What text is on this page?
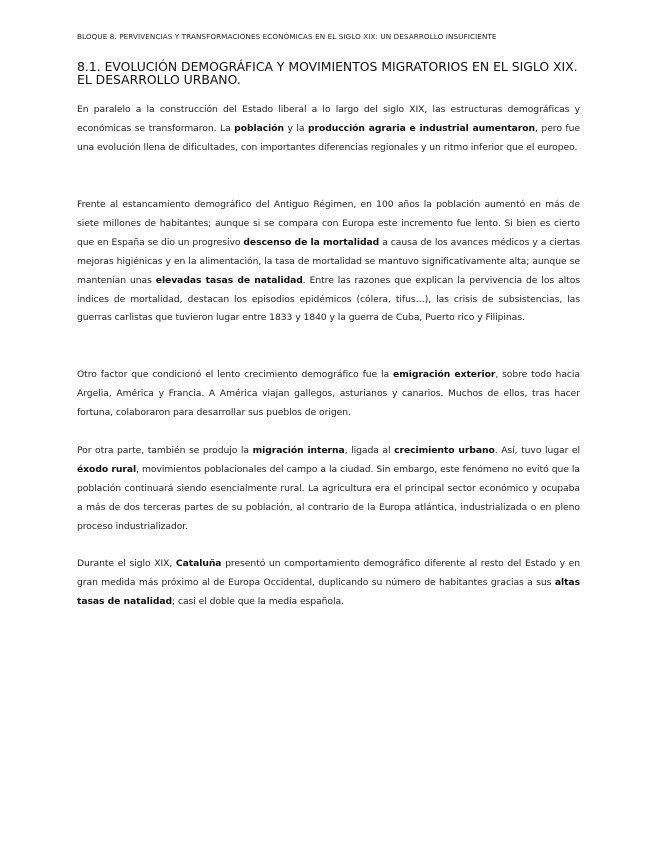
BLOQUE 8. PERVIVENCIAS Y TRANSFORMACIONES ECONÓMICAS EN EL SIGLO XIX: UN DESARROLLO INSUFICIENTE
8.1. EVOLUCIÓN DEMOGRÁFICA Y MOVIMIENTOS MIGRATORIOS EN EL SIGLO XIX.
EL DESARROLLO URBANO.

En paralelo a la construcción del Estado liberal a lo largo del siglo XIX, las estructuras demográficas y económicas se transformaron. La población y la producción agraria e industrial aumentaron, pero fue una evolución llena de dificultades, con importantes diferencias regionales y un ritmo inferior que el europeo.

Frente al estancamiento demográfico del Antiguo Régimen, en 100 años la población aumentó en más de siete millones de habitantes; aunque si se compara con Europa este incremento fue lento. Si bien es cierto que en España se dio un progresivo descenso de la mortalidad a causa de los avances médicos y a ciertas mejoras higiénicas y en la alimentación, la tasa de mortalidad se mantuvo significativamente alta; aunque se mantenían unas elevadas tasas de natalidad. Entre las razones que explican la pervivencia de los altos índices de mortalidad, destacan los episodios epidémicos (cólera, tifus…), las crisis de subsistencias, las guerras carlistas que tuvieron lugar entre 1833 y 1840 y la guerra de Cuba, Puerto rico y Filipinas.

Otro factor que condicionó el lento crecimiento demográfico fue la emigración exterior, sobre todo hacia Argelia, América y Francia. A América viajan gallegos, asturianos y canarios. Muchos de ellos, tras hacer fortuna, colaboraron para desarrollar sus pueblos de origen.

Por otra parte, también se produjo la migración interna, ligada al crecimiento urbano. Así, tuvo lugar el éxodo rural, movimientos poblacionales del campo a la ciudad. Sin embargo, este fenómeno no evitó que la población continuará siendo esencialmente rural. La agricultura era el principal sector económico y ocupaba a más de dos terceras partes de su población, al contrario de la Europa atlántica, industrializada o en pleno proceso industrializador.

Durante el siglo XIX, Cataluña presentó un comportamiento demográfico diferente al resto del Estado y en gran medida más próximo al de Europa Occidental, duplicando su número de habitantes gracias a sus altas tasas de natalidad; casi el doble que la media española.
